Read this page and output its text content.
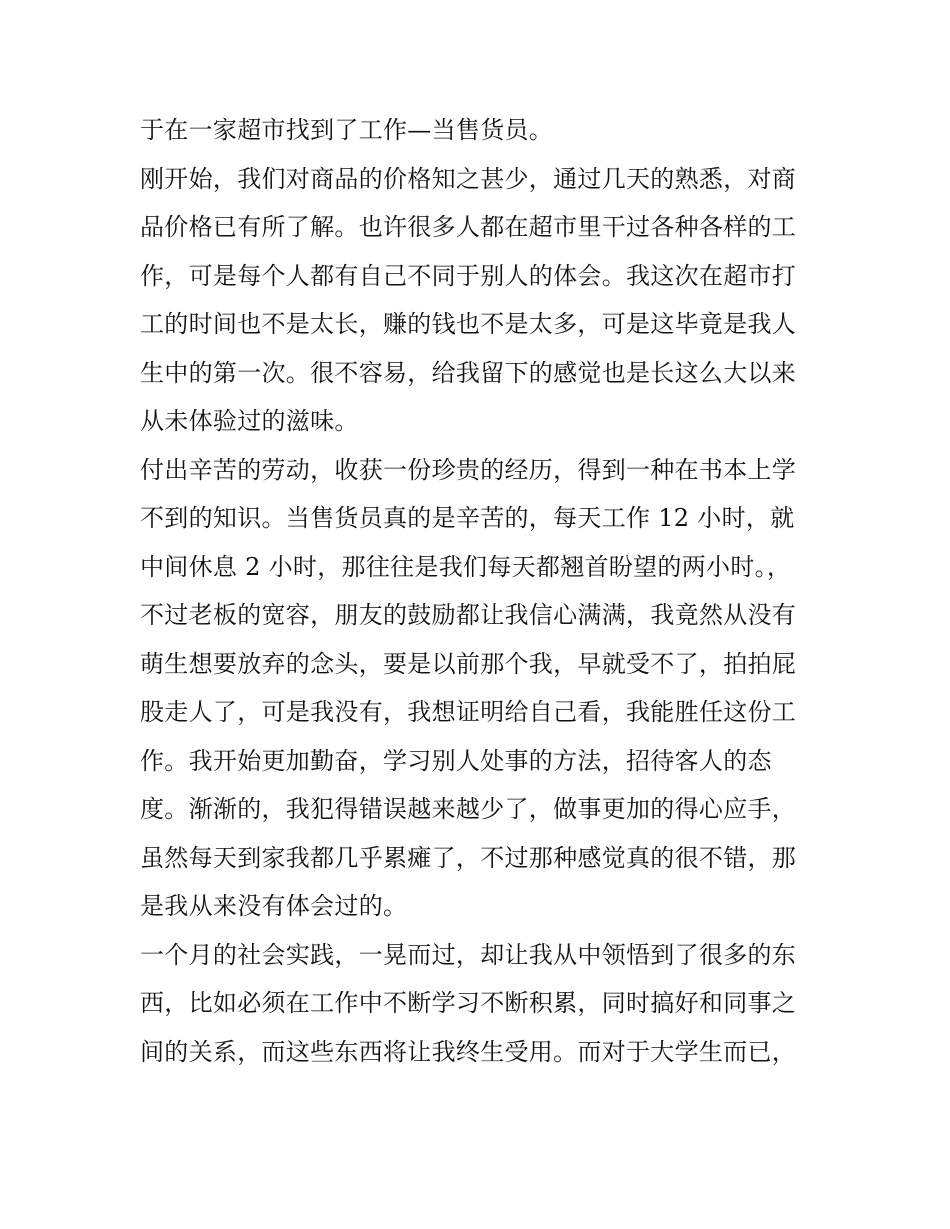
于在一家超市找到了工作—当售货员。
刚开始，我们对商品的价格知之甚少，通过几天的熟悉，对商
品价格已有所了解。也许很多人都在超市里干过各种各样的工
作，可是每个人都有自己不同于别人的体会。我这次在超市打
工的时间也不是太长，赚的钱也不是太多，可是这毕竟是我人
生中的第一次。很不容易，给我留下的感觉也是长这么大以来
从未体验过的滋味。
付出辛苦的劳动，收获一份珍贵的经历，得到一种在书本上学
不到的知识。当售货员真的是辛苦的，每天工作 12 小时，就
中间休息 2 小时，那往往是我们每天都翘首盼望的两小时。，
不过老板的宽容，朋友的鼓励都让我信心满满，我竟然从没有
萌生想要放弃的念头，要是以前那个我，早就受不了，拍拍屁
股走人了，可是我没有，我想证明给自己看，我能胜任这份工
作。我开始更加勤奋，学习别人处事的方法，招待客人的态
度。渐渐的，我犯得错误越来越少了，做事更加的得心应手，
虽然每天到家我都几乎累瘫了，不过那种感觉真的很不错，那
是我从来没有体会过的。
一个月的社会实践，一晃而过，却让我从中领悟到了很多的东
西，比如必须在工作中不断学习不断积累，同时搞好和同事之
间的关系，而这些东西将让我终生受用。而对于大学生而已，
